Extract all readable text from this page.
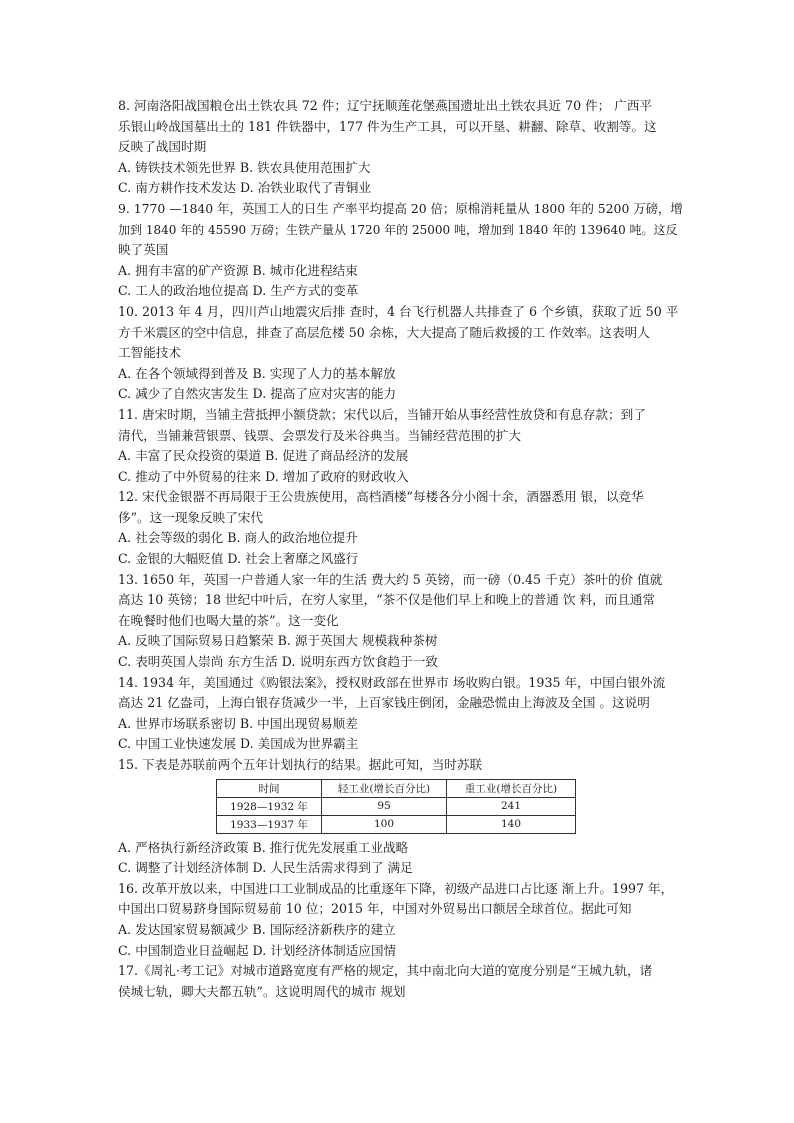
8. 河南洛阳战国粮仓出土铁农具 72 件；辽宁抚顺莲花堡燕国遗址出土铁农具近 70 件； 广西平
乐银山岭战国墓出土的 181 件铁器中，177 件为生产工具，可以开垦、耕翻、除草、收割等。这
反映了战国时期
A. 铸铁技术领先世界 B. 铁农具使用范围扩大
C. 南方耕作技术发达 D. 冶铁业取代了青铜业
9. 1770 —1840 年，英国工人的日生 产率平均提高 20 倍；原棉消耗量从 1800 年的 5200 万磅，增
加到 1840 年的 45590 万磅；生铁产量从 1720 年的 25000 吨，增加到 1840 年的 139640 吨。这反
映了英国
A. 拥有丰富的矿产资源 B. 城市化进程结束
C. 工人的政治地位提高 D. 生产方式的变革
10. 2013 年 4 月，四川芦山地震灾后排 查时，4 台飞行机器人共排查了 6 个乡镇，获取了近 50 平
方千米震区的空中信息，排查了高层危楼 50 余栋，大大提高了随后救援的工 作效率。这表明人
工智能技术
A. 在各个领域得到普及 B. 实现了人力的基本解放
C. 减少了自然灾害发生 D. 提高了应对灾害的能力
11. 唐宋时期，当铺主营抵押小额贷款；宋代以后，当铺开始从事经营性放贷和有息存款；到了
清代，当铺兼营银票、钱票、会票发行及米谷典当。当铺经营范围的扩大
A. 丰富了民众投资的渠道 B. 促进了商品经济的发展
C. 推动了中外贸易的往来 D. 增加了政府的财政收入
12. 宋代金银器不再局限于王公贵族使用，高档酒楼“每楼各分小阁十余，酒器悉用 银，以竞华
侈”。这一现象反映了宋代
A. 社会等级的弱化 B. 商人的政治地位提升
C. 金银的大幅贬值 D. 社会上奢靡之风盛行
13. 1650 年，英国一户普通人家一年的生活 费大约 5 英镑，而一磅（0.45 千克）茶叶的价 值就
高达 10 英镑；18 世纪中叶后，在穷人家里，“茶不仅是他们早上和晚上的普通 饮 料，而且通常
在晚餐时他们也喝大量的茶”。这一变化
A. 反映了国际贸易日趋繁荣 B. 源于英国大 规模栽种茶树
C. 表明英国人崇尚 东方生活 D. 说明东西方饮食趋于一致
14. 1934 年，美国通过《购银法案》，授权财政部在世界市 场收购白银。1935 年，中国白银外流
高达 21 亿盎司，上海白银存货减少一半，上百家钱庄倒闭，金融恐慌由上海波及全国 。这说明
A. 世界市场联系密切 B. 中国出现贸易顺差
C. 中国工业快速发展 D. 美国成为世界霸主
15. 下表是苏联前两个五年计划执行的结果。据此可知，当时苏联
时间	轻工业(增长百分比)	重工业(增长百分比)
1928—1932 年	95	241
1933—1937 年	100	140
A. 严格执行新经济政策 B. 推行优先发展重工业战略
C. 调整了计划经济体制 D. 人民生活需求得到了 满足
16. 改革开放以来，中国进口工业制成品的比重逐年下降，初级产品进口占比逐 渐上升。1997 年，
中国出口贸易跻身国际贸易前 10 位；2015 年，中国对外贸易出口额居全球首位。据此可知
A. 发达国家贸易额减少 B. 国际经济新秩序的建立
C. 中国制造业日益崛起 D. 计划经济体制适应国情
17.《周礼·考工记》对城市道路宽度有严格的规定，其中南北向大道的宽度分别是“王城九轨，诸
侯城七轨，卿大夫都五轨”。这说明周代的城市 规划
